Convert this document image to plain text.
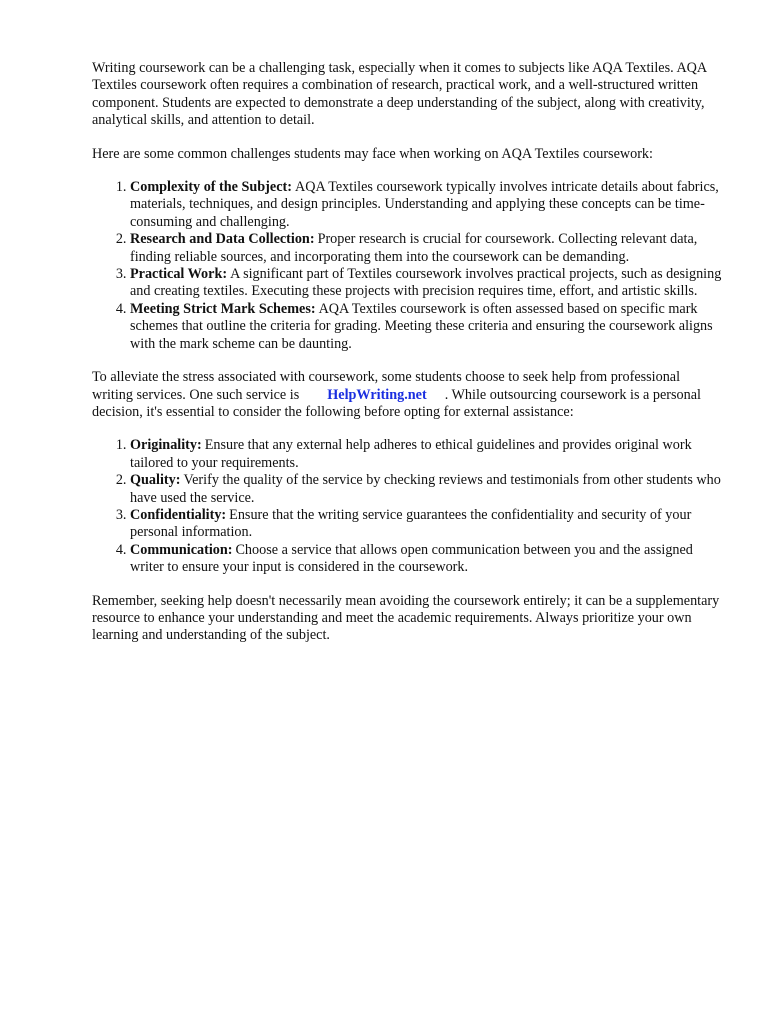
Writing coursework can be a challenging task, especially when it comes to subjects like AQA Textiles. AQA Textiles coursework often requires a combination of research, practical work, and a well-structured written component. Students are expected to demonstrate a deep understanding of the subject, along with creativity, analytical skills, and attention to detail.

Here are some common challenges students may face when working on AQA Textiles coursework:

1. Complexity of the Subject: AQA Textiles coursework typically involves intricate details about fabrics, materials, techniques, and design principles. Understanding and applying these concepts can be time-consuming and challenging.
2. Research and Data Collection: Proper research is crucial for coursework. Collecting relevant data, finding reliable sources, and incorporating them into the coursework can be demanding.
3. Practical Work: A significant part of Textiles coursework involves practical projects, such as designing and creating textiles. Executing these projects with precision requires time, effort, and artistic skills.
4. Meeting Strict Mark Schemes: AQA Textiles coursework is often assessed based on specific mark schemes that outline the criteria for grading. Meeting these criteria and ensuring the coursework aligns with the mark scheme can be daunting.

To alleviate the stress associated with coursework, some students choose to seek help from professional writing services. One such service is HelpWriting.net . While outsourcing coursework is a personal decision, it's essential to consider the following before opting for external assistance:

1. Originality: Ensure that any external help adheres to ethical guidelines and provides original work tailored to your requirements.
2. Quality: Verify the quality of the service by checking reviews and testimonials from other students who have used the service.
3. Confidentiality: Ensure that the writing service guarantees the confidentiality and security of your personal information.
4. Communication: Choose a service that allows open communication between you and the assigned writer to ensure your input is considered in the coursework.

Remember, seeking help doesn't necessarily mean avoiding the coursework entirely; it can be a supplementary resource to enhance your understanding and meet the academic requirements. Always prioritize your own learning and understanding of the subject.
